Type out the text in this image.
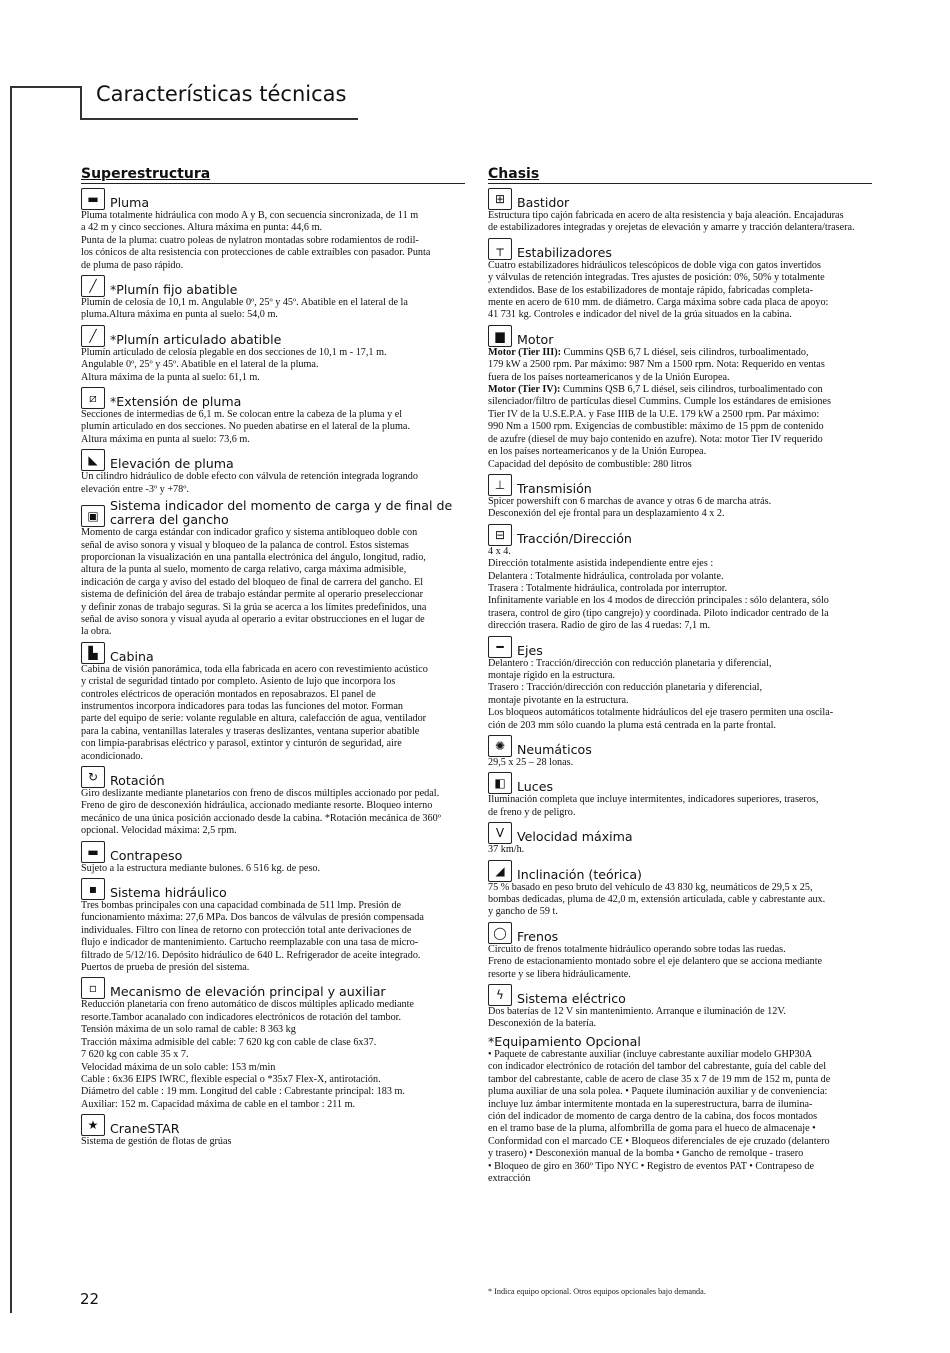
Características técnicas
Superestructura
▬ Pluma

Pluma totalmente hidráulica con modo A y B, con secuencia sincronizada, de 11 m
a 42 m y cinco secciones. Altura máxima en punta: 44,6 m.
Punta de la pluma: cuatro poleas de nylatron montadas sobre rodamientos de rodil-
los cónicos de alta resistencia con protecciones de cable extraíbles con pasador. Punta
de pluma de paso rápido.

╱	*Plumín fijo abatible

Plumín de celosía de 10,1 m. Angulable 0º, 25º y 45º. Abatible en el lateral de la
pluma.Altura máxima en punta al suelo: 54,0 m.

╱	*Plumín articulado abatible

Plumín articulado de celosía plegable en dos secciones de 10,1 m - 17,1 m.
Angulable 0º, 25º y 45º. Abatible en el lateral de la pluma.
Altura máxima de la punta al suelo: 61,1 m.

⧄	*Extensión de pluma

Secciones de intermedias de 6,1 m. Se colocan entre la cabeza de la pluma y el
plumín articulado en dos secciones. No pueden abatirse en el lateral de la pluma.
Altura máxima en punta al suelo: 73,6 m.

◣ Elevación de pluma

Un cilindro hidráulico de doble efecto con válvula de retención integrada logrando
elevación entre -3º y +78º.

▣
Sistema indicador del momento de carga y de final de carrera del gancho

Momento de carga estándar con indicador grafico y sistema antibloqueo doble con
señal de aviso sonora y visual y bloqueo de la palanca de control. Estos sistemas
proporcionan la visualización en una pantalla electrónica del ángulo, longitud, radio,
altura de la punta al suelo, momento de carga relativo, carga máxima admisible,
indicación de carga y aviso del estado del bloqueo de final de carrera del gancho. El
sistema de definición del área de trabajo estándar permite al operario preseleccionar
y definir zonas de trabajo seguras. Si la grúa se acerca a los límites predefinidos, una
señal de aviso sonora y visual ayuda al operario a evitar obstrucciones en el lugar de
la obra.

▙ Cabina

Cabina de visión panorámica, toda ella fabricada en acero con revestimiento acústico
y cristal de seguridad tintado por completo. Asiento de lujo que incorpora los
controles eléctricos de operación montados en reposabrazos. El panel de
instrumentos incorpora indicadores para todas las funciones del motor. Forman
parte del equipo de serie: volante regulable en altura, calefacción de agua, ventilador
para la cabina, ventanillas laterales y traseras deslizantes, ventana superior abatible
con limpia-parabrisas eléctrico y parasol, extintor y cinturón de seguridad, aire
acondicionado.

↻ Rotación

Giro deslizante mediante planetarios con freno de discos múltiples accionado por pedal.
Freno de giro de desconexión hidráulica, accionado mediante resorte. Bloqueo interno
mecánico de una única posición accionado desde la cabina. *Rotación mecánica de 360º
opcional. Velocidad máxima: 2,5 rpm.

▬ Contrapeso

Sujeto a la estructura mediante bulones. 6 516 kg. de peso.

▪	Sistema hidráulico

Tres bombas principales con una capacidad combinada de 511 lmp. Presión de
funcionamiento máxima: 27,6 MPa. Dos bancos de válvulas de presión compensada
individuales. Filtro con línea de retorno con protección total ante derivaciones de
flujo e indicador de mantenimiento. Cartucho reemplazable con una tasa de micro-
filtrado de 5/12/16. Depósito hidráulico de 640 L. Refrigerador de aceite integrado.
Puertos de prueba de presión del sistema.

▫	Mecanismo de elevación principal y auxiliar

Reducción planetaria con freno automático de discos múltiples aplicado mediante
resorte.Tambor acanalado con indicadores electrónicos de rotación del tambor.
Tensión máxima de un solo ramal de cable: 8 363 kg
Tracción máxima admisible del cable: 7 620 kg con cable de clase 6x37.
7 620 kg con cable 35 x 7.
Velocidad máxima de un solo cable: 153 m/min
Cable : 6x36 EIPS IWRC, flexible especial o *35x7 Flex-X, antirotación.
Diámetro del cable : 19 mm. Longitud del cable : Cabrestante principal: 183 m.
Auxiliar: 152 m. Capacidad máxima de cable en el tambor : 211 m.

★ CraneSTAR

Sistema de gestión de flotas de grúas

Chasis
⊞ Bastidor

Estructura tipo cajón fabricada en acero de alta resistencia y baja aleación. Encajaduras
de estabilizadores integradas y orejetas de elevación y amarre y tracción delantera/trasera.

┬	Estabilizadores

Cuatro estabilizadores hidráulicos telescópicos de doble viga con gatos invertidos
y válvulas de retención integradas. Tres ajustes de posición: 0%, 50% y totalmente
extendidos. Base de los estabilizadores de montaje rápido, fabricadas completa-
mente en acero de 610 mm. de diámetro. Carga máxima sobre cada placa de apoyo:
41 731 kg. Controles e indicador del nivel de la grúa situados en la cabina.

▆ Motor

Motor (Tier III): Cummins QSB 6,7 L diésel, seis cilindros, turboalimentado,
179 kW a 2500 rpm. Par máximo: 987 Nm a 1500 rpm. Nota: Requerido en ventas
fuera de los países norteamericanos y de la Unión Europea.
Motor (Tier IV): Cummins QSB 6,7 L diésel, seis cilindros, turboalimentado con
silenciador/filtro de partículas diesel Cummins. Cumple los estándares de emisiones
Tier IV de la U.S.E.P.A. y Fase IIIB de la U.E. 179 kW a 2500 rpm. Par máximo:
990 Nm a 1500 rpm. Exigencias de combustible: máximo de 15 ppm de contenido
de azufre (diesel de muy bajo contenido en azufre). Nota: motor Tier IV requerido
en los países norteamericanos y de la Unión Europea.
Capacidad del depósito de combustible: 280 litros

⊥ Transmisión

Spicer powershift con 6 marchas de avance y otras 6 de marcha atrás.
Desconexión del eje frontal para un desplazamiento 4 x 2.

⊟ Tracción/Dirección

4 x 4.
Dirección totalmente asistida independiente entre ejes :
Delantera : Totalmente hidráulica, controlada por volante.
Trasera : Totalmente hidráulica, controlada por interruptor.
Infinitamente variable en los 4 modos de dirección principales : sólo delantera, sólo
trasera, control de giro (tipo cangrejo) y coordinada. Piloto indicador centrado de la
dirección trasera. Radio de giro de las 4 ruedas: 7,1 m.

━	Ejes

Delantero : Tracción/dirección con reducción planetaria y diferencial,
montaje rígido en la estructura.
Trasero : Tracción/dirección con reducción planetaria y diferencial,
montaje pivotante en la estructura.
Los bloqueos automáticos totalmente hidráulicos del eje trasero permiten una oscila-
ción de 203 mm sólo cuando la pluma está centrada en la parte frontal.

✺ Neumáticos

29,5 x 25 – 28 lonas.

◧ Luces

Iluminación completa que incluye intermitentes, indicadores superiores, traseros,
de freno y de peligro.

V	Velocidad máxima

37 km/h.

◢ Inclinación (teórica)

75 % basado en peso bruto del vehículo de 43 830 kg, neumáticos de 29,5 x 25,
bombas dedicadas, pluma de 42,0 m, extensión articulada, cable y cabrestante aux.
y gancho de 59 t.

◯ Frenos

Circuito de frenos totalmente hidráulico operando sobre todas las ruedas.
Freno de estacionamiento montado sobre el eje delantero que se acciona mediante
resorte y se libera hidráulicamente.

ϟ	Sistema eléctrico

Dos baterías de 12 V sin mantenimiento. Arranque e iluminación de 12V.
Desconexión de la batería.

*Equipamiento Opcional

• Paquete de cabrestante auxiliar (incluye cabrestante auxiliar modelo GHP30A
con indicador electrónico de rotación del tambor del cabrestante, guía del cable del
tambor del cabrestante, cable de acero de clase 35 x 7 de 19 mm de 152 m, punta de
pluma auxiliar de una sola polea. • Paquete iluminación auxiliar y de conveniencia:
incluye luz ámbar intermitente montada en la superestructura, barra de ilumina-
ción del indicador de momento de carga dentro de la cabina, dos focos montados
en el tramo base de la pluma, alfombrilla de goma para el hueco de almacenaje •
Conformidad con el marcado CE • Bloqueos diferenciales de eje cruzado (delantero
y trasero) • Desconexión manual de la bomba • Gancho de remolque - trasero
• Bloqueo de giro en 360º Tipo NYC • Registro de eventos PAT • Contrapeso de
extracción

22	* Indica equipo opcional. Otros equipos opcionales bajo demanda.
